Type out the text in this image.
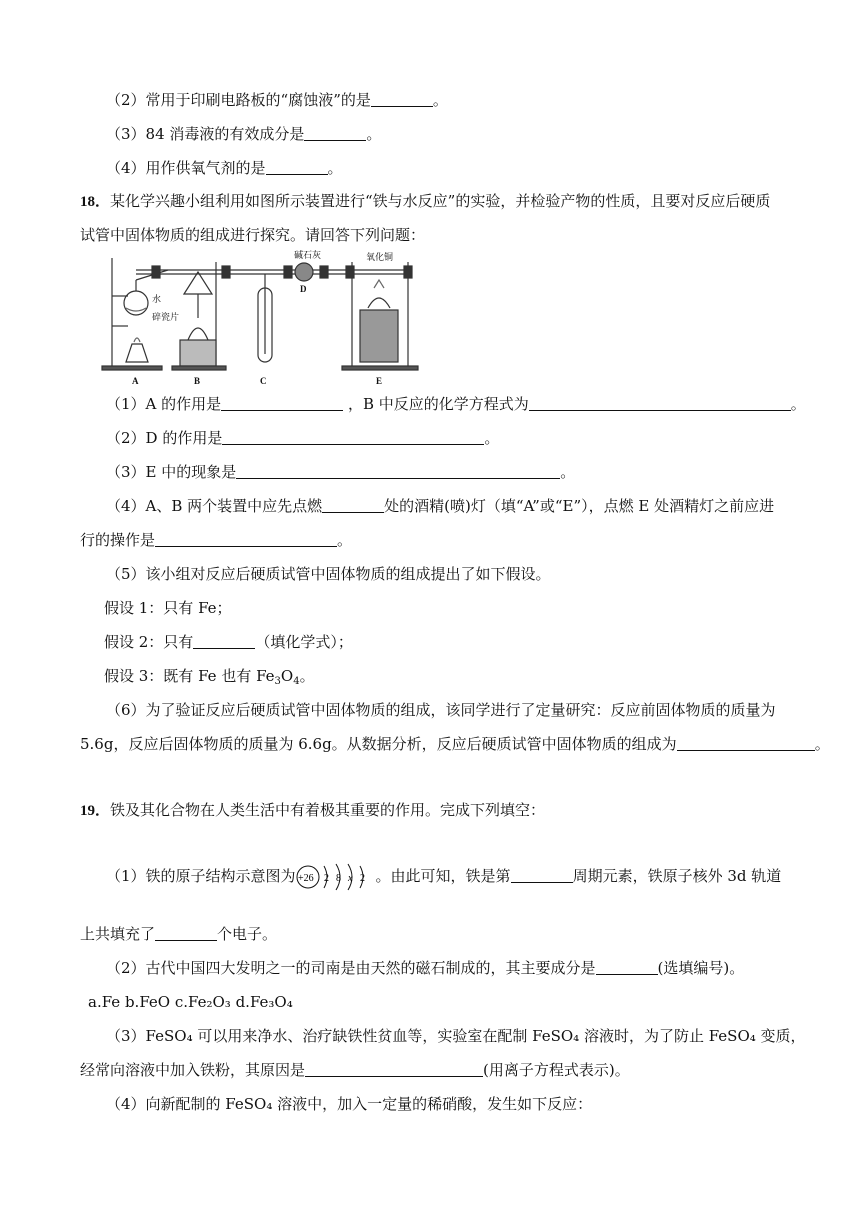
（2）常用于印刷电路板的“腐蚀液”的是	。
（3）84 消毒液的有效成分是	。
（4）用作供氧气剂的是	。
18．某化学兴趣小组利用如图所示装置进行“铁与水反应”的实验，并检验产物的性质，且要对反应后硬质
试管中固体物质的组成进行探究。请回答下列问题：
水
碎瓷片
碱石灰	氧化铜
A	B	C
D
E
（1）A 的作用是	，B 中反应的化学方程式为	。
（2）D 的作用是	。
（3）E 中的现象是	。
（4）A、B 两个装置中应先点燃	处的酒精(喷)灯（填“A”或“E”），点燃 E 处酒精灯之前应进
行的操作是	。
（5）该小组对反应后硬质试管中固体物质的组成提出了如下假设。
假设 1：只有 Fe；
假设 2：只有	（填化学式）；
假设 3：既有 Fe 也有 $Fe_3O_4$。
（6）为了验证反应后硬质试管中固体物质的组成，该同学进行了定量研究：反应前固体物质的质量为
5.6g，反应后固体物质的质量为 6.6g。从数据分析，反应后硬质试管中固体物质的组成为	。
19．铁及其化合物在人类生活中有着极其重要的作用。完成下列填空：
（1）铁的原子结构示意图为 +26 2 8 x 2 。由此可知，铁是第	周期元素，铁原子核外 3d 轨道
上共填充了	个电子。
（2）古代中国四大发明之一的司南是由天然的磁石制成的，其主要成分是	(选填编号)。
a.Fe b.FeO c.Fe₂O₃ d.Fe₃O₄
（3）FeSO₄ 可以用来净水、治疗缺铁性贫血等，实验室在配制 FeSO₄ 溶液时，为了防止 FeSO₄ 变质，
经常向溶液中加入铁粉，其原因是	(用离子方程式表示)。
（4）向新配制的 FeSO₄ 溶液中，加入一定量的稀硝酸，发生如下反应：
